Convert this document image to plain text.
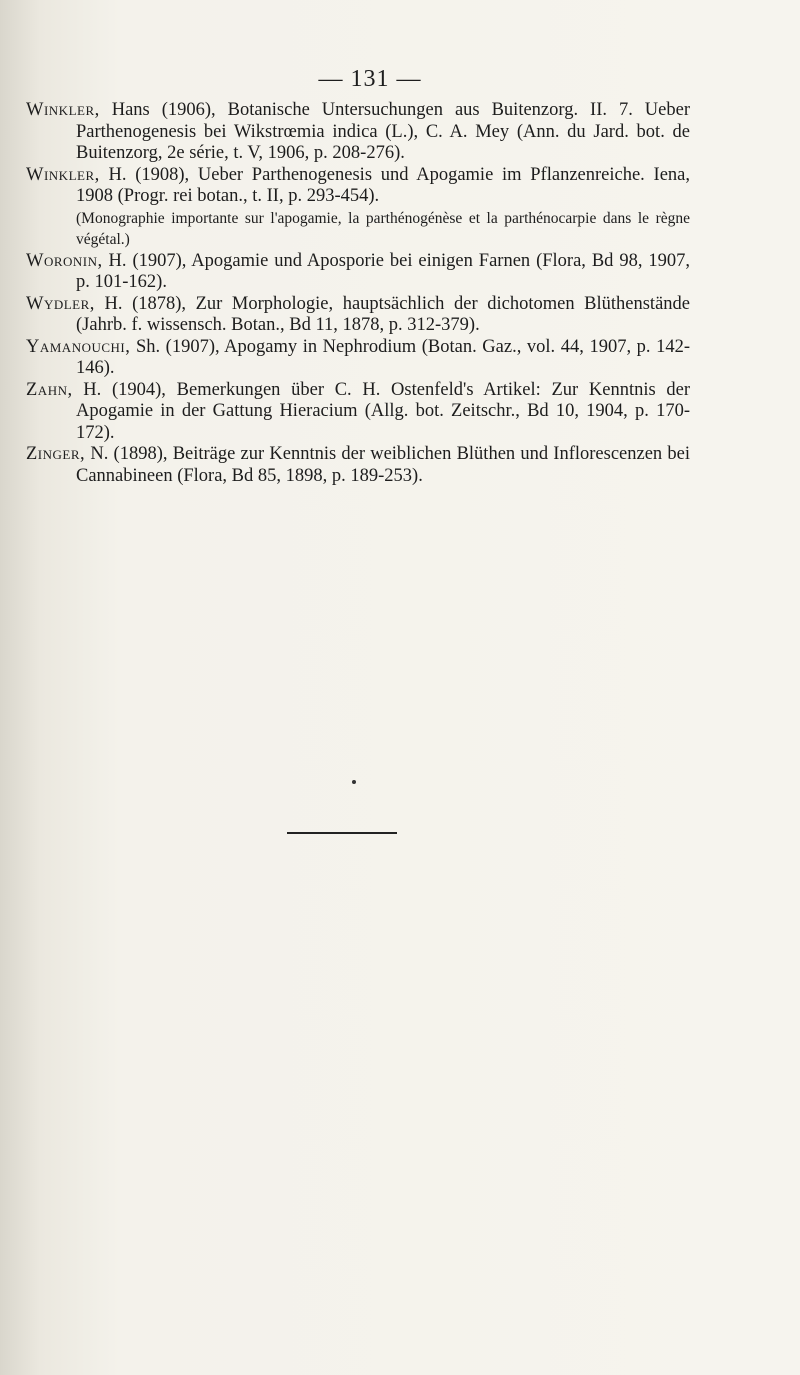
— 131 —

Winkler, Hans (1906), Botanische Untersuchungen aus Buitenzorg. II. 7. Ueber Parthenogenesis bei Wikstrœmia indica (L.), C. A. Mey (Ann. du Jard. bot. de Buitenzorg, 2e série, t. V, 1906, p. 208-276).

Winkler, H. (1908), Ueber Parthenogenesis und Apogamie im Pflanzenreiche. Iena, 1908 (Progr. rei botan., t. II, p. 293-454).
(Monographie importante sur l'apogamie, la parthénogénèse et la parthénocarpie dans le règne végétal.)

Woronin, H. (1907), Apogamie und Aposporie bei einigen Farnen (Flora, Bd 98, 1907, p. 101-162).

Wydler, H. (1878), Zur Morphologie, hauptsächlich der dichotomen Blüthenstände (Jahrb. f. wissensch. Botan., Bd 11, 1878, p. 312-379).

Yamanouchi, Sh. (1907), Apogamy in Nephrodium (Botan. Gaz., vol. 44, 1907, p. 142-146).

Zahn, H. (1904), Bemerkungen über C. H. Ostenfeld's Artikel: Zur Kenntnis der Apogamie in der Gattung Hieracium (Allg. bot. Zeitschr., Bd 10, 1904, p. 170-172).

Zinger, N. (1898), Beiträge zur Kenntnis der weiblichen Blüthen und Inflorescenzen bei Cannabineen (Flora, Bd 85, 1898, p. 189-253).
